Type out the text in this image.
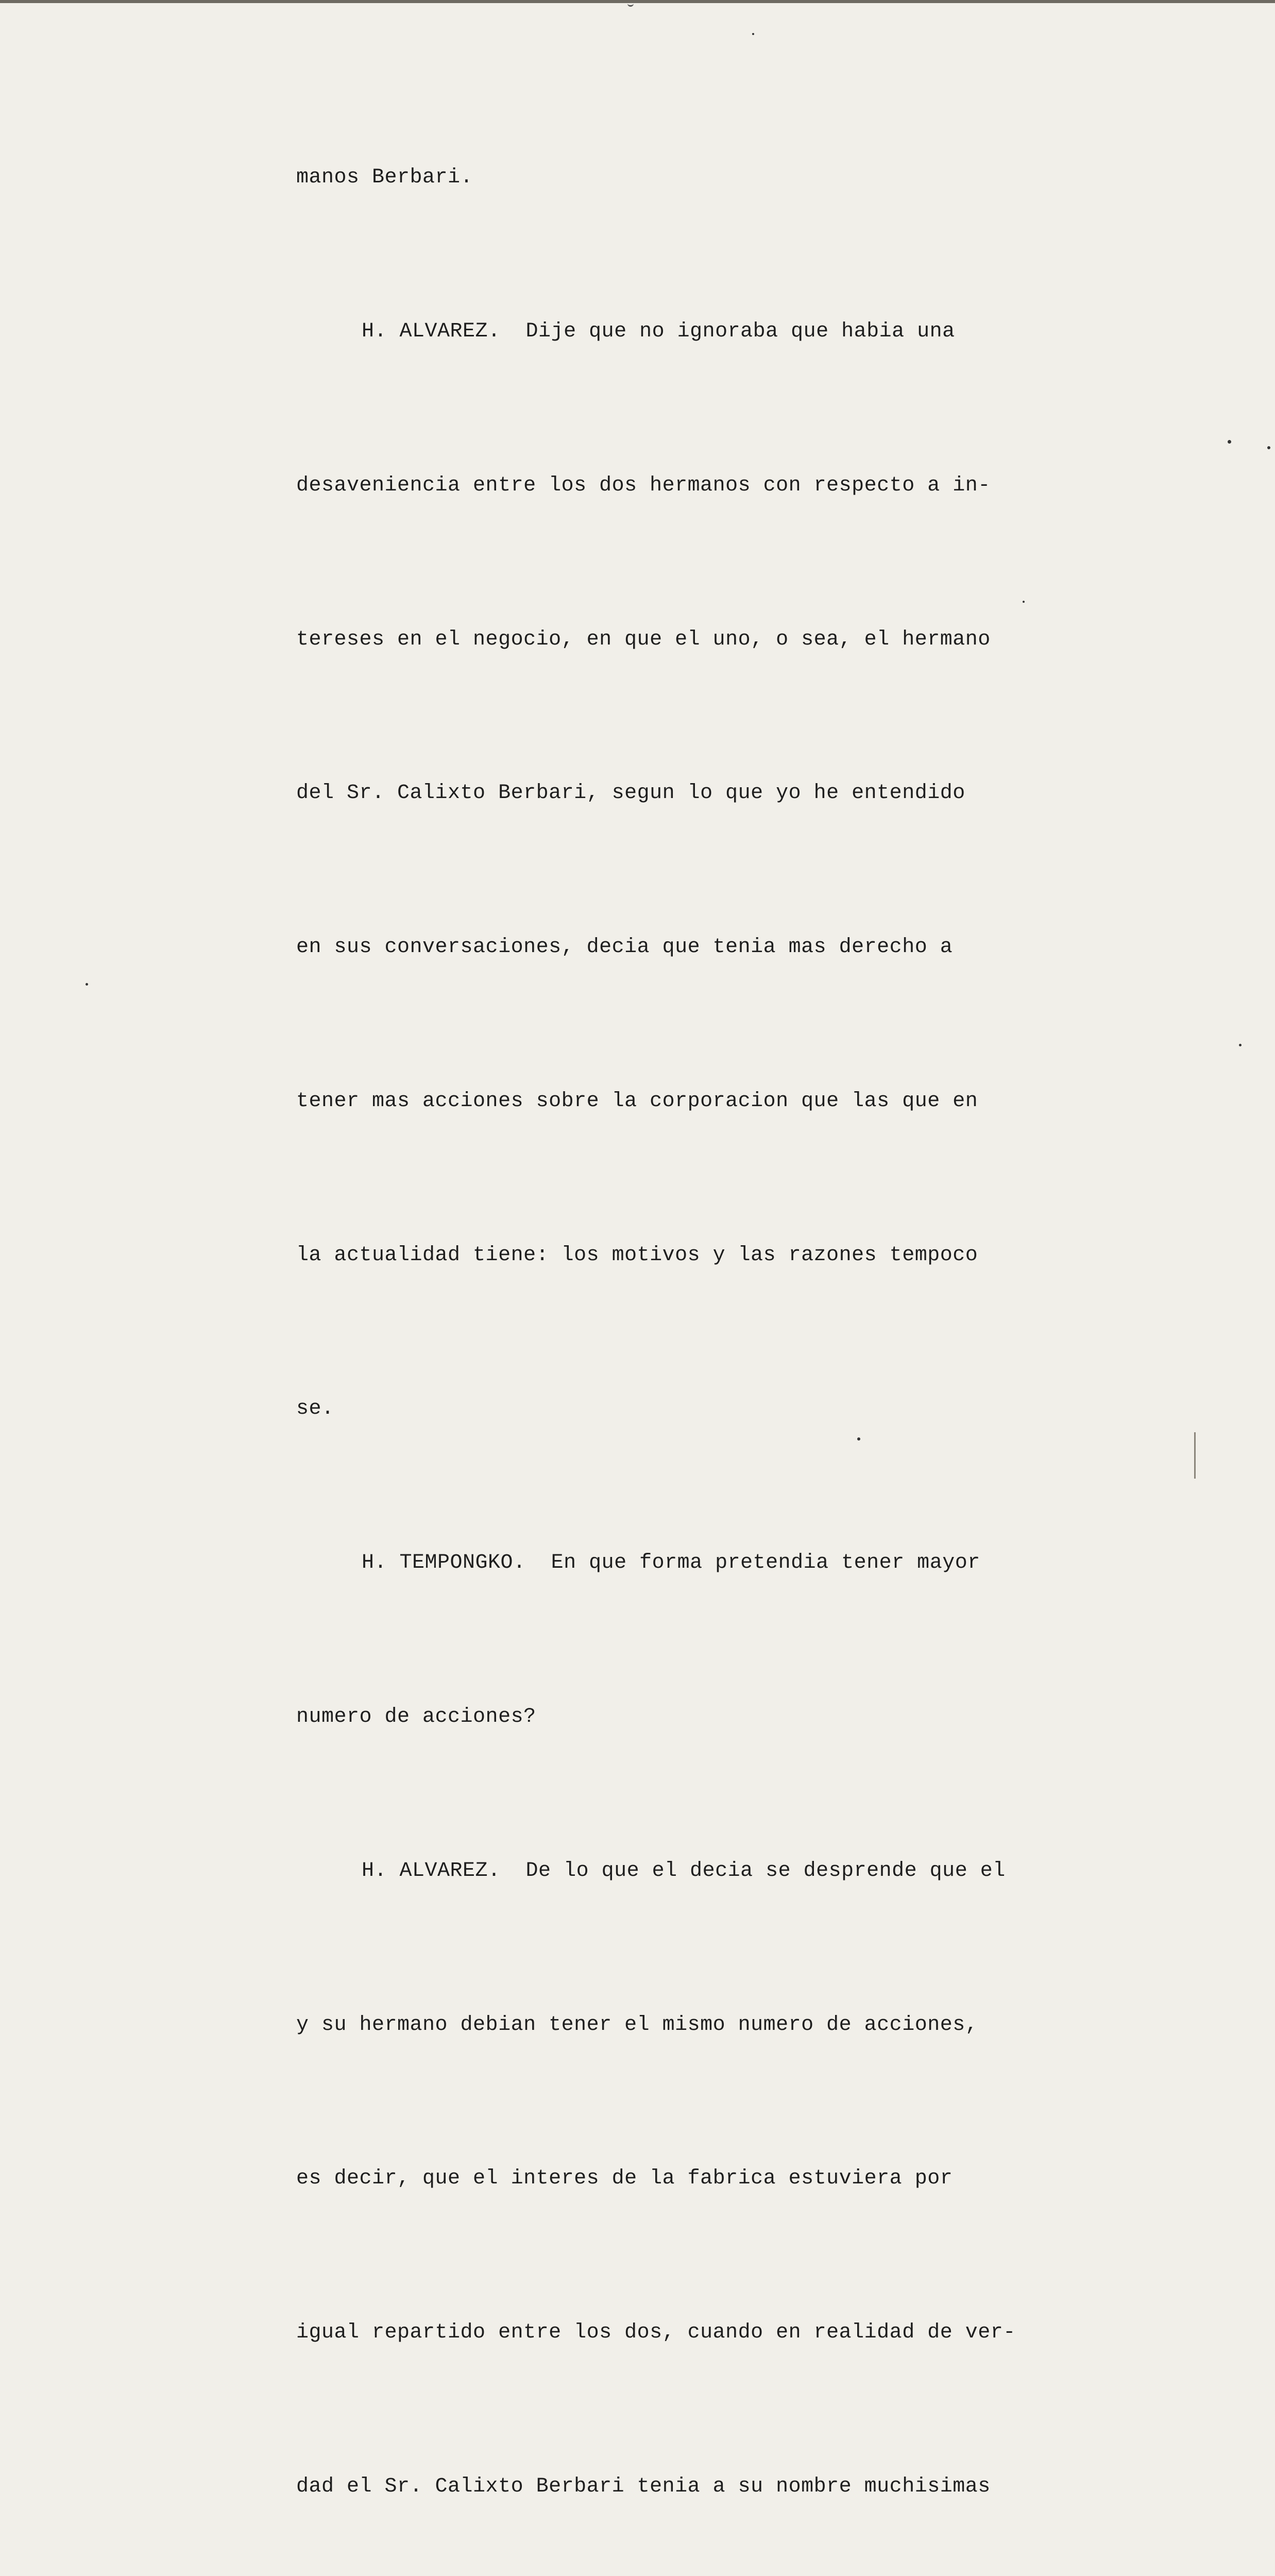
manos Berbari.

H. ALVAREZ.  Dije que no ignoraba que habia una

desaveniencia entre los dos hermanos con respecto a in-

tereses en el negocio, en que el uno, o sea, el hermano

del Sr. Calixto Berbari, segun lo que yo he entendido

en sus conversaciones, decia que tenia mas derecho a

tener mas acciones sobre la corporacion que las que en

la actualidad tiene: los motivos y las razones tempoco

se.

H. TEMPONGKO.  En que forma pretendia tener mayor

numero de acciones?

H. ALVAREZ.  De lo que el decia se desprende que el

y su hermano debian tener el mismo numero de acciones,

es decir, que el interes de la fabrica estuviera por

igual repartido entre los dos, cuando en realidad de ver-

dad el Sr. Calixto Berbari tenia a su nombre muchisimas
